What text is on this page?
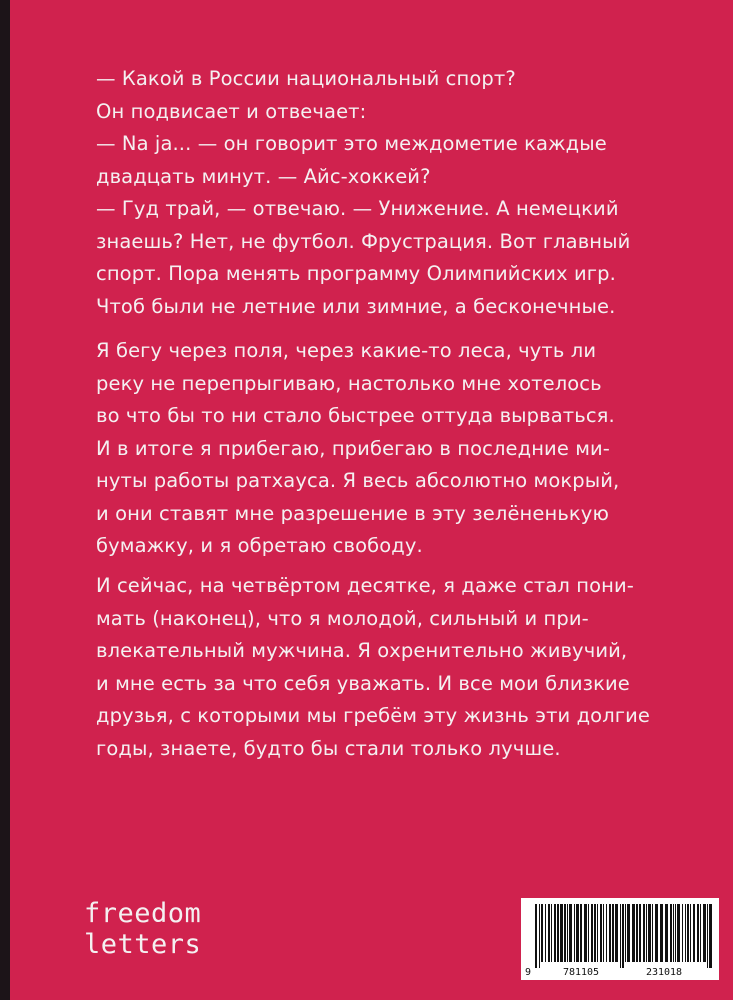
— Какой в России национальный спорт?
Он подвисает и отвечает:
— Na ja... — он говорит это междометие каждые
двадцать минут. — Айс-хоккей?
— Гуд трай, — отвечаю. — Унижение. А немецкий
знаешь? Нет, не футбол. Фрустрация. Вот главный
спорт. Пора менять программу Олимпийских игр.
Чтоб были не летние или зимние, а бесконечные.
Я бегу через поля, через какие-то леса, чуть ли
реку не перепрыгиваю, настолько мне хотелось
во что бы то ни стало быстрее оттуда вырваться.
И в итоге я прибегаю, прибегаю в последние ми-
нуты работы ратхауса. Я весь абсолютно мокрый,
и они ставят мне разрешение в эту зелёненькую
бумажку, и я обретаю свободу.
И сейчас, на четвёртом десятке, я даже стал пони-
мать (наконец), что я молодой, сильный и при-
влекательный мужчина. Я охренительно живучий,
и мне есть за что себя уважать. И все мои близкие
друзья, с которыми мы гребём эту жизнь эти долгие
годы, знаете, будто бы стали только лучше.
freedom
letters
9	781105	231018
